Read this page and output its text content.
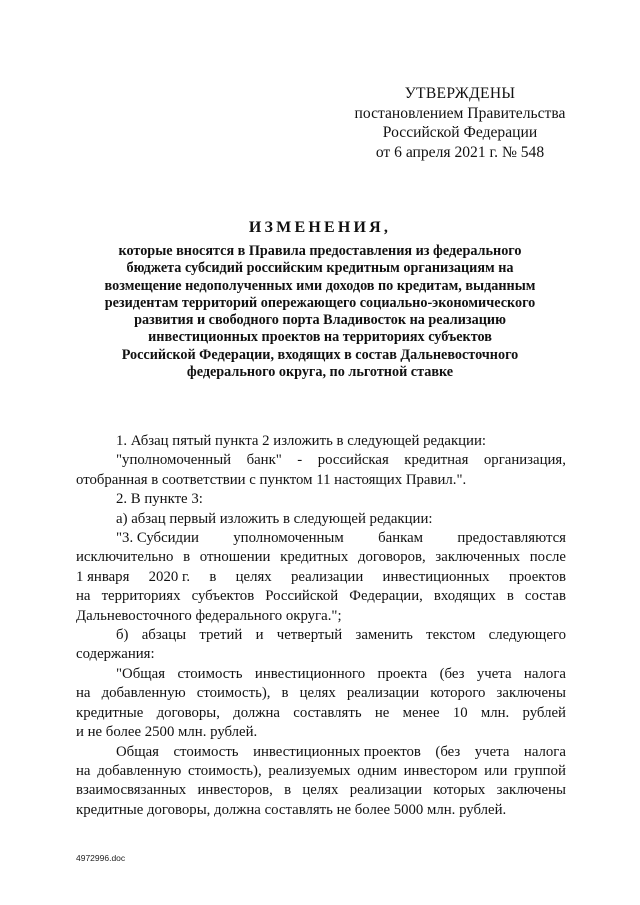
УТВЕРЖДЕНЫ
постановлением Правительства
Российской Федерации
от 6 апреля 2021 г. № 548
ИЗМЕНЕНИЯ,
которые вносятся в Правила предоставления из федерального
бюджета субсидий российским кредитным организациям на
возмещение недополученных ими доходов по кредитам, выданным
резидентам территорий опережающего социально-экономического
развития и свободного порта Владивосток на реализацию
инвестиционных проектов на территориях субъектов
Российской Федерации, входящих в состав Дальневосточного
федерального округа, по льготной ставке
1. Абзац пятый пункта 2 изложить в следующей редакции:
"уполномоченный банк" - российская кредитная организация,
отобранная в соответствии с пунктом 11 настоящих Правил.".
2. В пункте 3:
а) абзац первый изложить в следующей редакции:
"3. Субсидии уполномоченным банкам предоставляются
исключительно в отношении кредитных договоров, заключенных после
1 января 2020 г. в целях реализации инвестиционных проектов
на территориях субъектов Российской Федерации, входящих в состав
Дальневосточного федерального округа.";
б) абзацы третий и четвертый заменить текстом следующего
содержания:
"Общая стоимость инвестиционного проекта (без учета налога
на добавленную стоимость), в целях реализации которого заключены
кредитные договоры, должна составлять не менее 10 млн. рублей
и не более 2500 млн. рублей.
Общая стоимость инвестиционных проектов (без учета налога
на добавленную стоимость), реализуемых одним инвестором или группой
взаимосвязанных инвесторов, в целях реализации которых заключены
кредитные договоры, должна составлять не более 5000 млн. рублей.
4972996.doc
